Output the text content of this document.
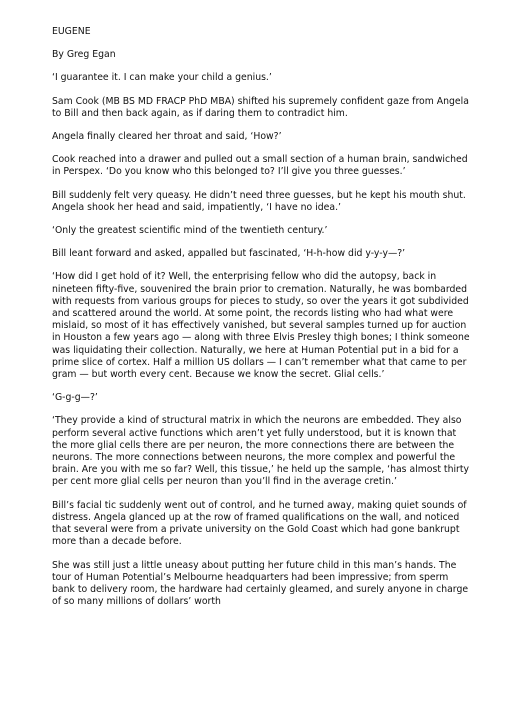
EUGENE

By Greg Egan

‘I guarantee it. I can make your child a genius.’

Sam Cook (MB BS MD FRACP PhD MBA) shifted his supremely confident gaze from Angela to Bill and then back again, as if daring them to contradict him.

Angela finally cleared her throat and said, ‘How?’

Cook reached into a drawer and pulled out a small section of a human brain, sandwiched in Perspex. ‘Do you know who this belonged to? I’ll give you three guesses.’

Bill suddenly felt very queasy. He didn’t need three guesses, but he kept his mouth shut. Angela shook her head and said, impatiently, ‘I have no idea.’

‘Only the greatest scientific mind of the twentieth century.’

Bill leant forward and asked, appalled but fascinated, ‘H-h-how did y-y-y—?’

‘How did I get hold of it? Well, the enterprising fellow who did the autopsy, back in nineteen fifty-five, souvenired the brain prior to cremation. Naturally, he was bombarded with requests from various groups for pieces to study, so over the years it got subdivided and scattered around the world. At some point, the records listing who had what were mislaid, so most of it has effectively vanished, but several samples turned up for auction in Houston a few years ago — along with three Elvis Presley thigh bones; I think someone was liquidating their collection. Naturally, we here at Human Potential put in a bid for a prime slice of cortex. Half a million US dollars — I can’t remember what that came to per gram — but worth every cent. Because we know the secret. Glial cells.’

‘G-g-g—?’

‘They provide a kind of structural matrix in which the neurons are embedded. They also perform several active functions which aren’t yet fully understood, but it is known that the more glial cells there are per neuron, the more connections there are between the neurons. The more connections between neurons, the more complex and powerful the brain. Are you with me so far? Well, this tissue,’ he held up the sample, ‘has almost thirty per cent more glial cells per neuron than you’ll find in the average cretin.’

Bill’s facial tic suddenly went out of control, and he turned away, making quiet sounds of distress. Angela glanced up at the row of framed qualifications on the wall, and noticed that several were from a private university on the Gold Coast which had gone bankrupt more than a decade before.

She was still just a little uneasy about putting her future child in this man’s hands. The tour of Human Potential’s Melbourne headquarters had been impressive; from sperm bank to delivery room, the hardware had certainly gleamed, and surely anyone in charge of so many millions of dollars’ worth
